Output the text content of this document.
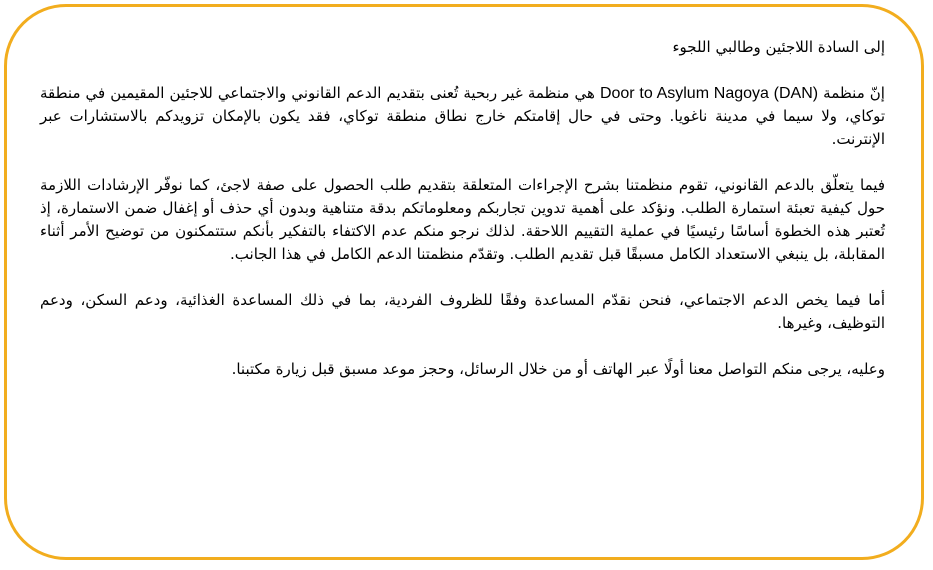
إلى السادة اللاجئين وطالبي اللجوء

إنّ منظمة Door to Asylum Nagoya (DAN) هي منظمة غير ربحية تُعنى بتقديم الدعم القانوني والاجتماعي للاجئين المقيمين في منطقة توكاي، ولا سيما في مدينة ناغويا. وحتى في حال إقامتكم خارج نطاق منطقة توكاي، فقد يكون بالإمكان تزويدكم بالاستشارات عبر الإنترنت.

فيما يتعلّق بالدعم القانوني، تقوم منظمتنا بشرح الإجراءات المتعلقة بتقديم طلب الحصول على صفة لاجئ، كما نوفّر الإرشادات اللازمة حول كيفية تعبئة استمارة الطلب. ونؤكد على أهمية تدوين تجاربكم ومعلوماتكم بدقة متناهية وبدون أي حذف أو إغفال ضمن الاستمارة، إذ تُعتبر هذه الخطوة أساسًا رئيسيًا في عملية التقييم اللاحقة. لذلك نرجو منكم عدم الاكتفاء بالتفكير بأنكم ستتمكنون من توضيح الأمر أثناء المقابلة، بل ينبغي الاستعداد الكامل مسبقًا قبل تقديم الطلب. وتقدّم منظمتنا الدعم الكامل في هذا الجانب.

أما فيما يخص الدعم الاجتماعي، فنحن نقدّم المساعدة وفقًا للظروف الفردية، بما في ذلك المساعدة الغذائية، ودعم السكن، ودعم التوظيف، وغيرها.

وعليه، يرجى منكم التواصل معنا أولًا عبر الهاتف أو من خلال الرسائل، وحجز موعد مسبق قبل زيارة مكتبنا.
